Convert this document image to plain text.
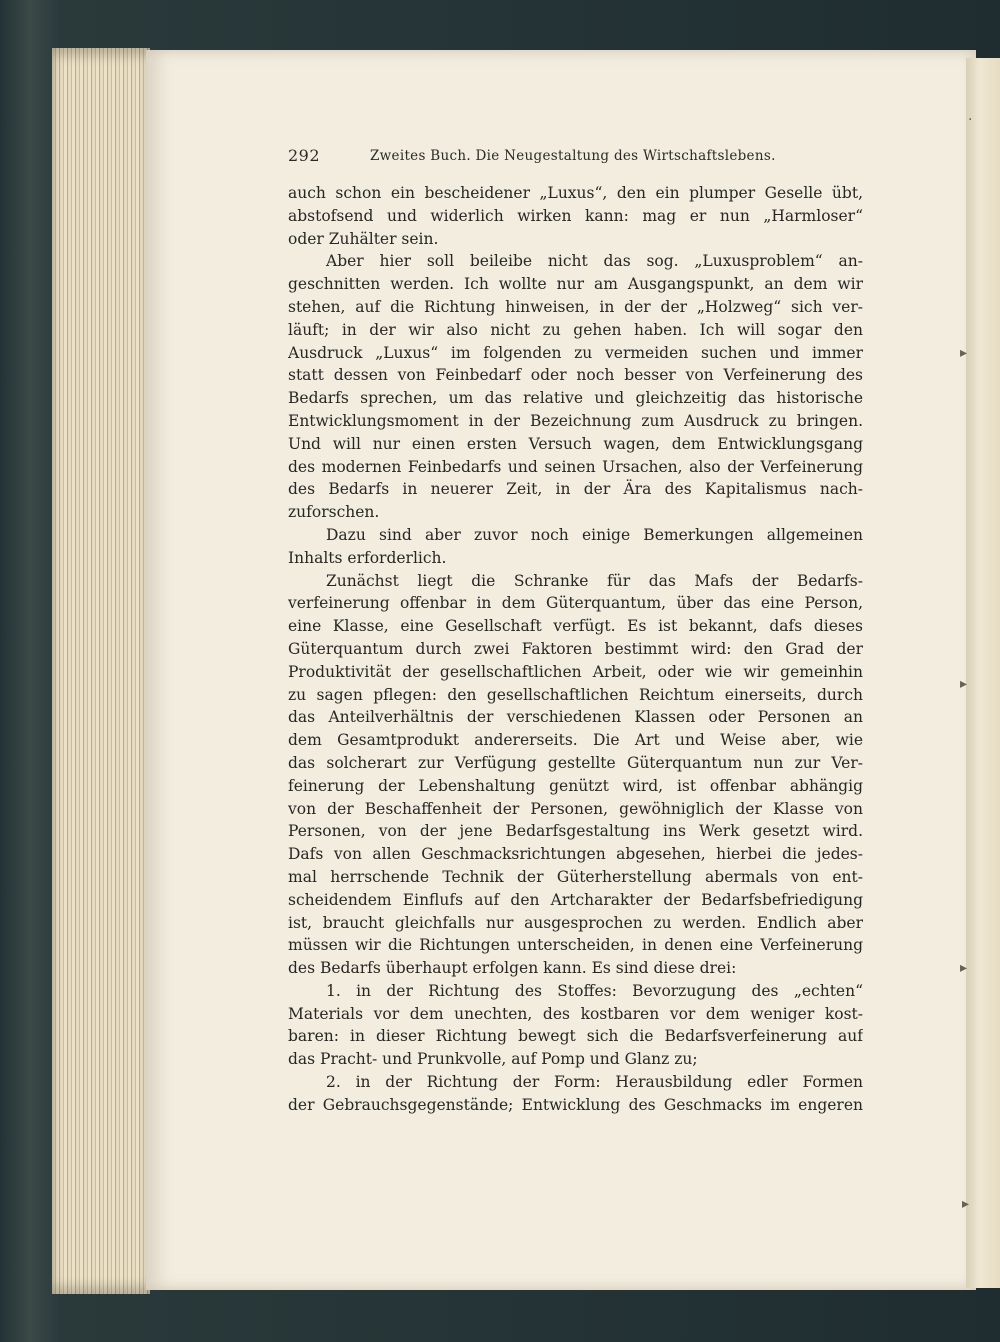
·
▸
▸
▸
▸
292	Zweites Buch. Die Neugestaltung des Wirtschaftslebens.
auch schon ein bescheidener „Luxus“, den ein plumper Geselle übt,
abstofsend und widerlich wirken kann: mag er nun „Harmloser“
oder Zuhälter sein.
Aber hier soll beileibe nicht das sog. „Luxusproblem“ an-
geschnitten werden. Ich wollte nur am Ausgangspunkt, an dem wir
stehen, auf die Richtung hinweisen, in der der „Holzweg“ sich ver-
läuft; in der wir also nicht zu gehen haben. Ich will sogar den
Ausdruck „Luxus“ im folgenden zu vermeiden suchen und immer
statt dessen von Feinbedarf oder noch besser von Verfeinerung des
Bedarfs sprechen, um das relative und gleichzeitig das historische
Entwicklungsmoment in der Bezeichnung zum Ausdruck zu bringen.
Und will nur einen ersten Versuch wagen, dem Entwicklungsgang
des modernen Feinbedarfs und seinen Ursachen, also der Verfeinerung
des Bedarfs in neuerer Zeit, in der Ära des Kapitalismus nach-
zuforschen.
Dazu sind aber zuvor noch einige Bemerkungen allgemeinen
Inhalts erforderlich.
Zunächst liegt die Schranke für das Mafs der Bedarfs-
verfeinerung offenbar in dem Güterquantum, über das eine Person,
eine Klasse, eine Gesellschaft verfügt. Es ist bekannt, dafs dieses
Güterquantum durch zwei Faktoren bestimmt wird: den Grad der
Produktivität der gesellschaftlichen Arbeit, oder wie wir gemeinhin
zu sagen pflegen: den gesellschaftlichen Reichtum einerseits, durch
das Anteilverhältnis der verschiedenen Klassen oder Personen an
dem Gesamtprodukt andererseits. Die Art und Weise aber, wie
das solcherart zur Verfügung gestellte Güterquantum nun zur Ver-
feinerung der Lebenshaltung genützt wird, ist offenbar abhängig
von der Beschaffenheit der Personen, gewöhniglich der Klasse von
Personen, von der jene Bedarfsgestaltung ins Werk gesetzt wird.
Dafs von allen Geschmacksrichtungen abgesehen, hierbei die jedes-
mal herrschende Technik der Güterherstellung abermals von ent-
scheidendem Einflufs auf den Artcharakter der Bedarfsbefriedigung
ist, braucht gleichfalls nur ausgesprochen zu werden. Endlich aber
müssen wir die Richtungen unterscheiden, in denen eine Verfeinerung
des Bedarfs überhaupt erfolgen kann. Es sind diese drei:
1. in der Richtung des Stoffes: Bevorzugung des „echten“
Materials vor dem unechten, des kostbaren vor dem weniger kost-
baren: in dieser Richtung bewegt sich die Bedarfsverfeinerung auf
das Pracht- und Prunkvolle, auf Pomp und Glanz zu;
2. in der Richtung der Form: Herausbildung edler Formen
der Gebrauchsgegenstände; Entwicklung des Geschmacks im engeren
